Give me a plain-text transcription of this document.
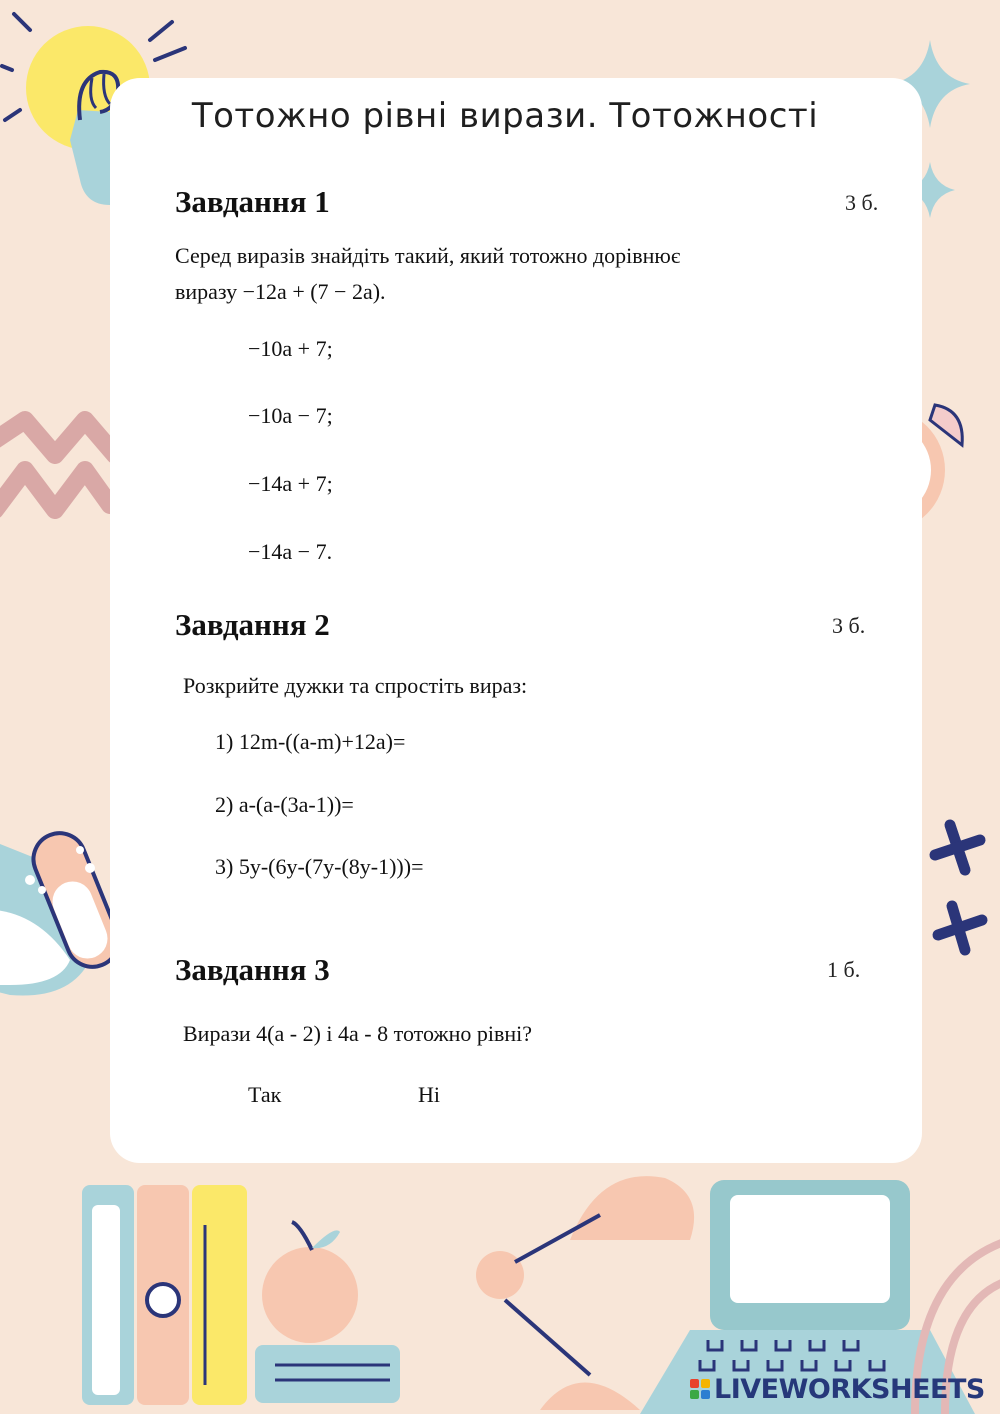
Тотожно рівні вирази. Тотожності
Завдання 1	3 б.
Серед виразів знайдіть такий, який тотожно дорівнює
виразу −12a + (7 − 2a).
−10a + 7;
−10a − 7;
−14a + 7;
−14a − 7.
Завдання 2	3 б.
Розкрийте дужки та спростіть вираз:
1) 12m-((a-m)+12a)=
2) a-(a-(3a-1))=
3) 5y-(6y-(7y-(8y-1)))=
Завдання 3	1 б.
Вирази 4(а - 2) і 4а - 8 тотожно рівні?
Так	Ні
LIVEWORKSHEETS
